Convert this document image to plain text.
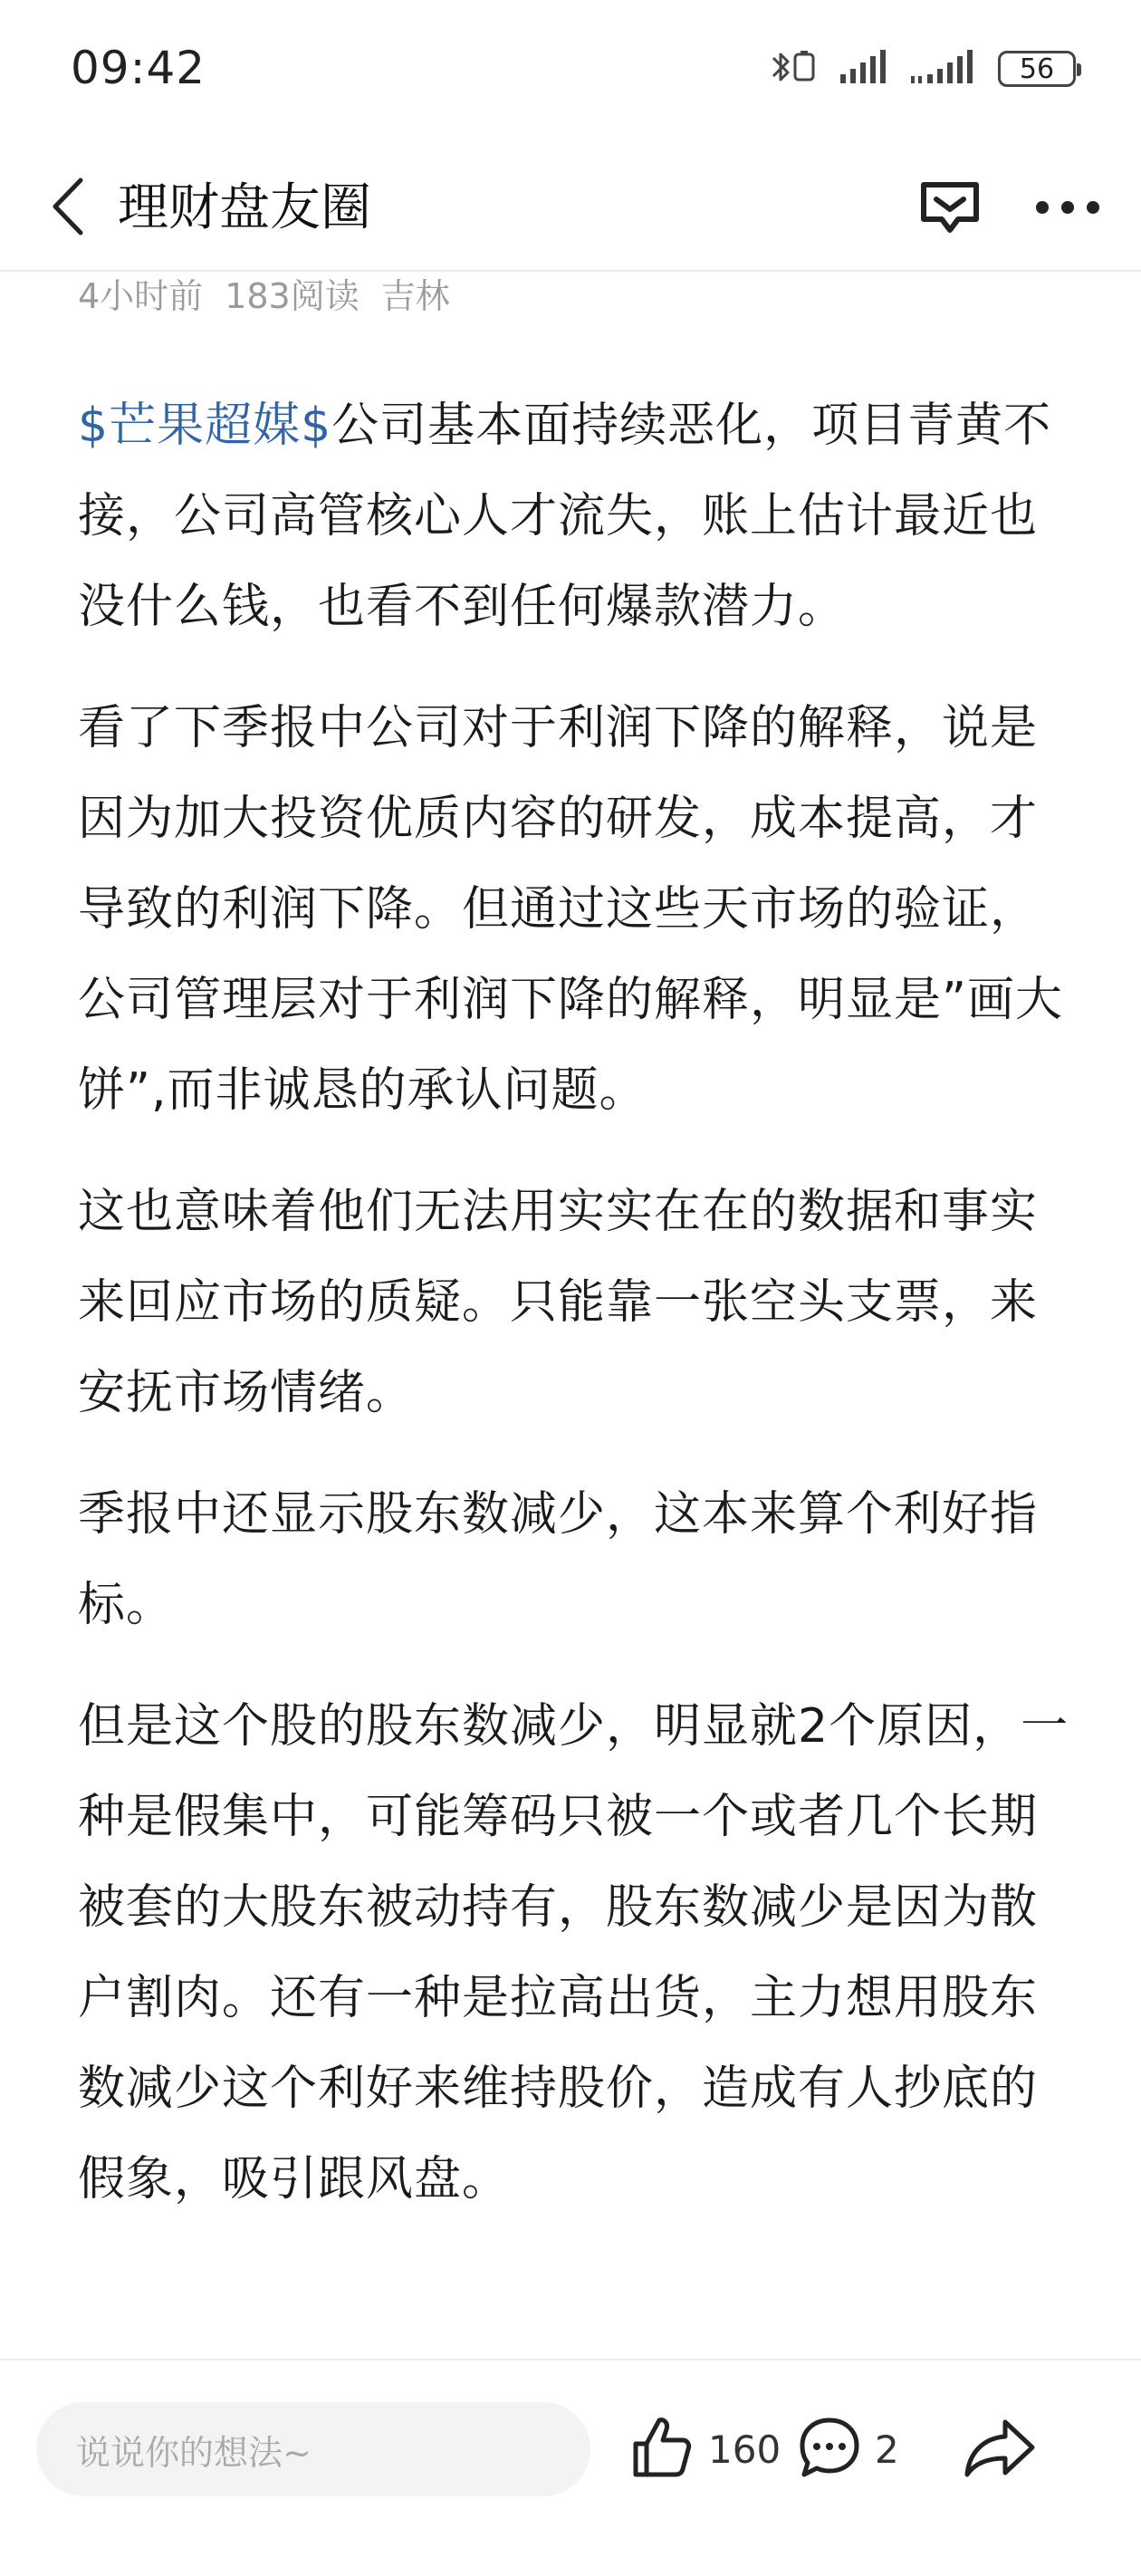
09:42	56
理财盘友圈
4小时前 183阅读 吉林

$芒果超媒$公司基本面持续恶化，项目青黄不接，公司高管核心人才流失，账上估计最近也没什么钱，也看不到任何爆款潜力。

看了下季报中公司对于利润下降的解释，说是因为加大投资优质内容的研发，成本提高，才导致的利润下降。但通过这些天市场的验证，公司管理层对于利润下降的解释，明显是”画大饼”,而非诚恳的承认问题。

这也意味着他们无法用实实在在的数据和事实来回应市场的质疑。只能靠一张空头支票，来安抚市场情绪。

季报中还显示股东数减少，这本来算个利好指标。

但是这个股的股东数减少，明显就2个原因，一种是假集中，可能筹码只被一个或者几个长期被套的大股东被动持有，股东数减少是因为散户割肉。还有一种是拉高出货，主力想用股东数减少这个利好来维持股价，造成有人抄底的假象，吸引跟风盘。

说说你的想法~	160 2
